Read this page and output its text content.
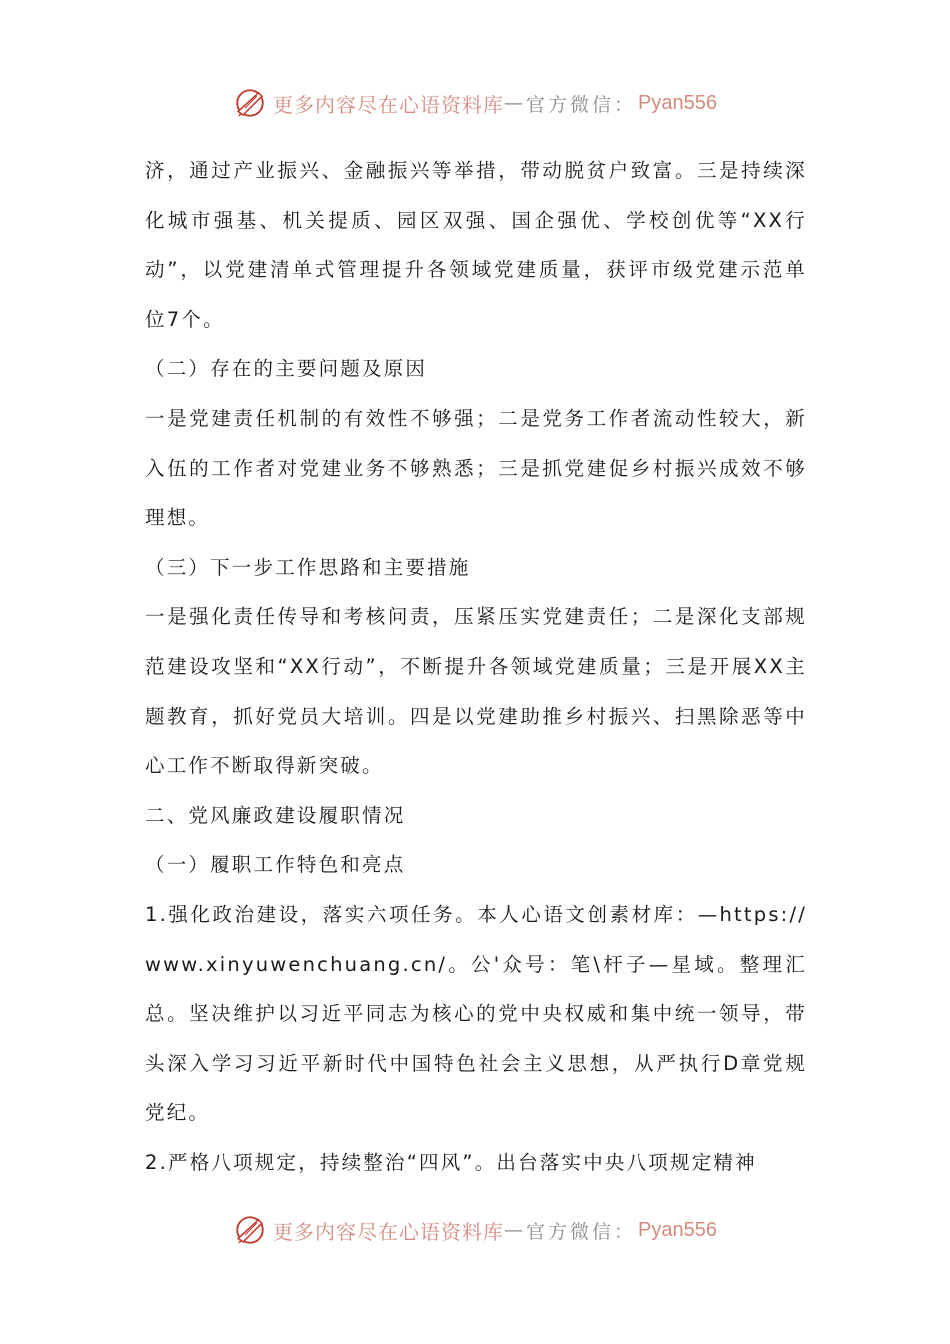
更多内容尽在心语资料库 — 官方微信： Pyan556

济，通过产业振兴、金融振兴等举措，带动脱贫户致富。三是持续深化城市强基、机关提质、园区双强、国企强优、学校创优等“XX行动”，以党建清单式管理提升各领域党建质量，获评市级党建示范单位7个。

（二）存在的主要问题及原因

一是党建责任机制的有效性不够强；二是党务工作者流动性较大，新入伍的工作者对党建业务不够熟悉；三是抓党建促乡村振兴成效不够理想。

（三）下一步工作思路和主要措施

一是强化责任传导和考核问责，压紧压实党建责任；二是深化支部规范建设攻坚和“XX行动”，不断提升各领域党建质量；三是开展XX主题教育，抓好党员大培训。四是以党建助推乡村振兴、扫黑除恶等中心工作不断取得新突破。

二、党风廉政建设履职情况

（一）履职工作特色和亮点

1.强化政治建设，落实六项任务。本人心语文创素材库：—https://www.xinyuwenchuang.cn/。公'众号：笔\杆子—星域。整理汇总。坚决维护以习近平同志为核心的党中央权威和集中统一领导，带头深入学习习近平新时代中国特色社会主义思想，从严执行D章党规党纪。

2.严格八项规定，持续整治“四风”。出台落实中央八项规定精神

更多内容尽在心语资料库 — 官方微信： Pyan556
